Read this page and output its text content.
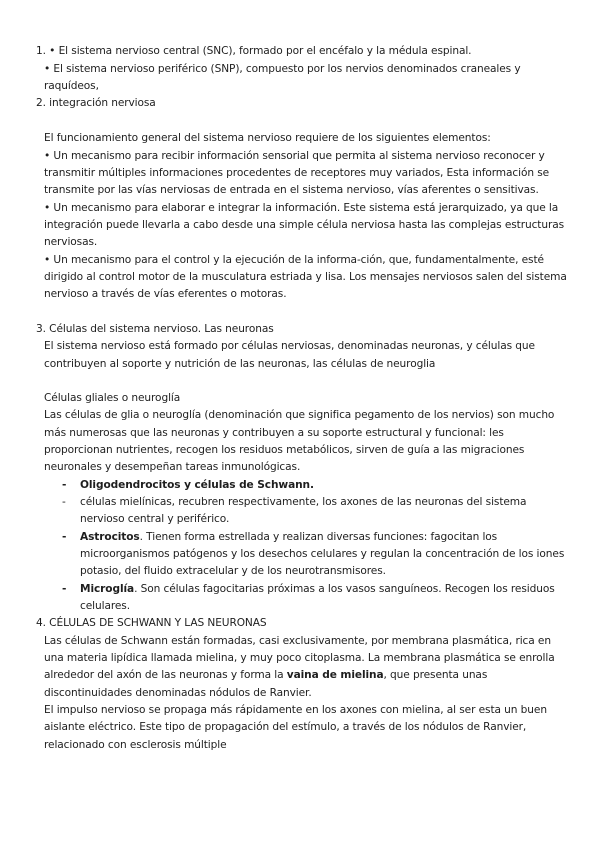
1. • El sistema nervioso central (SNC), formado por el encéfalo y la médula espinal.
• El sistema nervioso periférico (SNP), compuesto por los nervios denominados craneales y
raquídeos,
2. integración nerviosa
El funcionamiento general del sistema nervioso requiere de los siguientes elementos:
• Un mecanismo para recibir información sensorial que permita al sistema nervioso reconocer y
transmitir múltiples informaciones procedentes de receptores muy variados, Esta información se
transmite por las vías nerviosas de entrada en el sistema nervioso, vías aferentes o sensitivas.
• Un mecanismo para elaborar e integrar la información. Este sistema está jerarquizado, ya que la
integración puede llevarla a cabo desde una simple célula nerviosa hasta las complejas estructuras
nerviosas.
• Un mecanismo para el control y la ejecución de la informa-ción, que, fundamentalmente, esté
dirigido al control motor de la musculatura estriada y lisa. Los mensajes nerviosos salen del sistema
nervioso a través de vías eferentes o motoras.
3. Células del sistema nervioso. Las neuronas
El sistema nervioso está formado por células nerviosas, denominadas neuronas, y células que
contribuyen al soporte y nutrición de las neuronas, las células de neuroglia
Células gliales o neuroglía
Las células de glia o neuroglía (denominación que significa pegamento de los nervios) son mucho
más numerosas que las neuronas y contribuyen a su soporte estructural y funcional: les
proporcionan nutrientes, recogen los residuos metabólicos, sirven de guía a las migraciones
neuronales y desempeñan tareas inmunológicas.
- Oligodendrocitos y células de Schwann.
- células mielínicas, recubren respectivamente, los axones de las neuronas del sistema
nervioso central y periférico.
- Astrocitos. Tienen forma estrellada y realizan diversas funciones: fagocitan los
microorganismos patógenos y los desechos celulares y regulan la concentración de los iones
potasio, del fluido extracelular y de los neurotransmisores.
- Microglía. Son células fagocitarias próximas a los vasos sanguíneos. Recogen los residuos
celulares.
4. CÉLULAS DE SCHWANN Y LAS NEURONAS
Las células de Schwann están formadas, casi exclusivamente, por membrana plasmática, rica en
una materia lipídica llamada mielina, y muy poco citoplasma. La membrana plasmática se enrolla
alrededor del axón de las neuronas y forma la vaina de mielina, que presenta unas
discontinuidades denominadas nódulos de Ranvier.
El impulso nervioso se propaga más rápidamente en los axones con mielina, al ser esta un buen
aislante eléctrico. Este tipo de propagación del estímulo, a través de los nódulos de Ranvier,
relacionado con esclerosis múltiple
